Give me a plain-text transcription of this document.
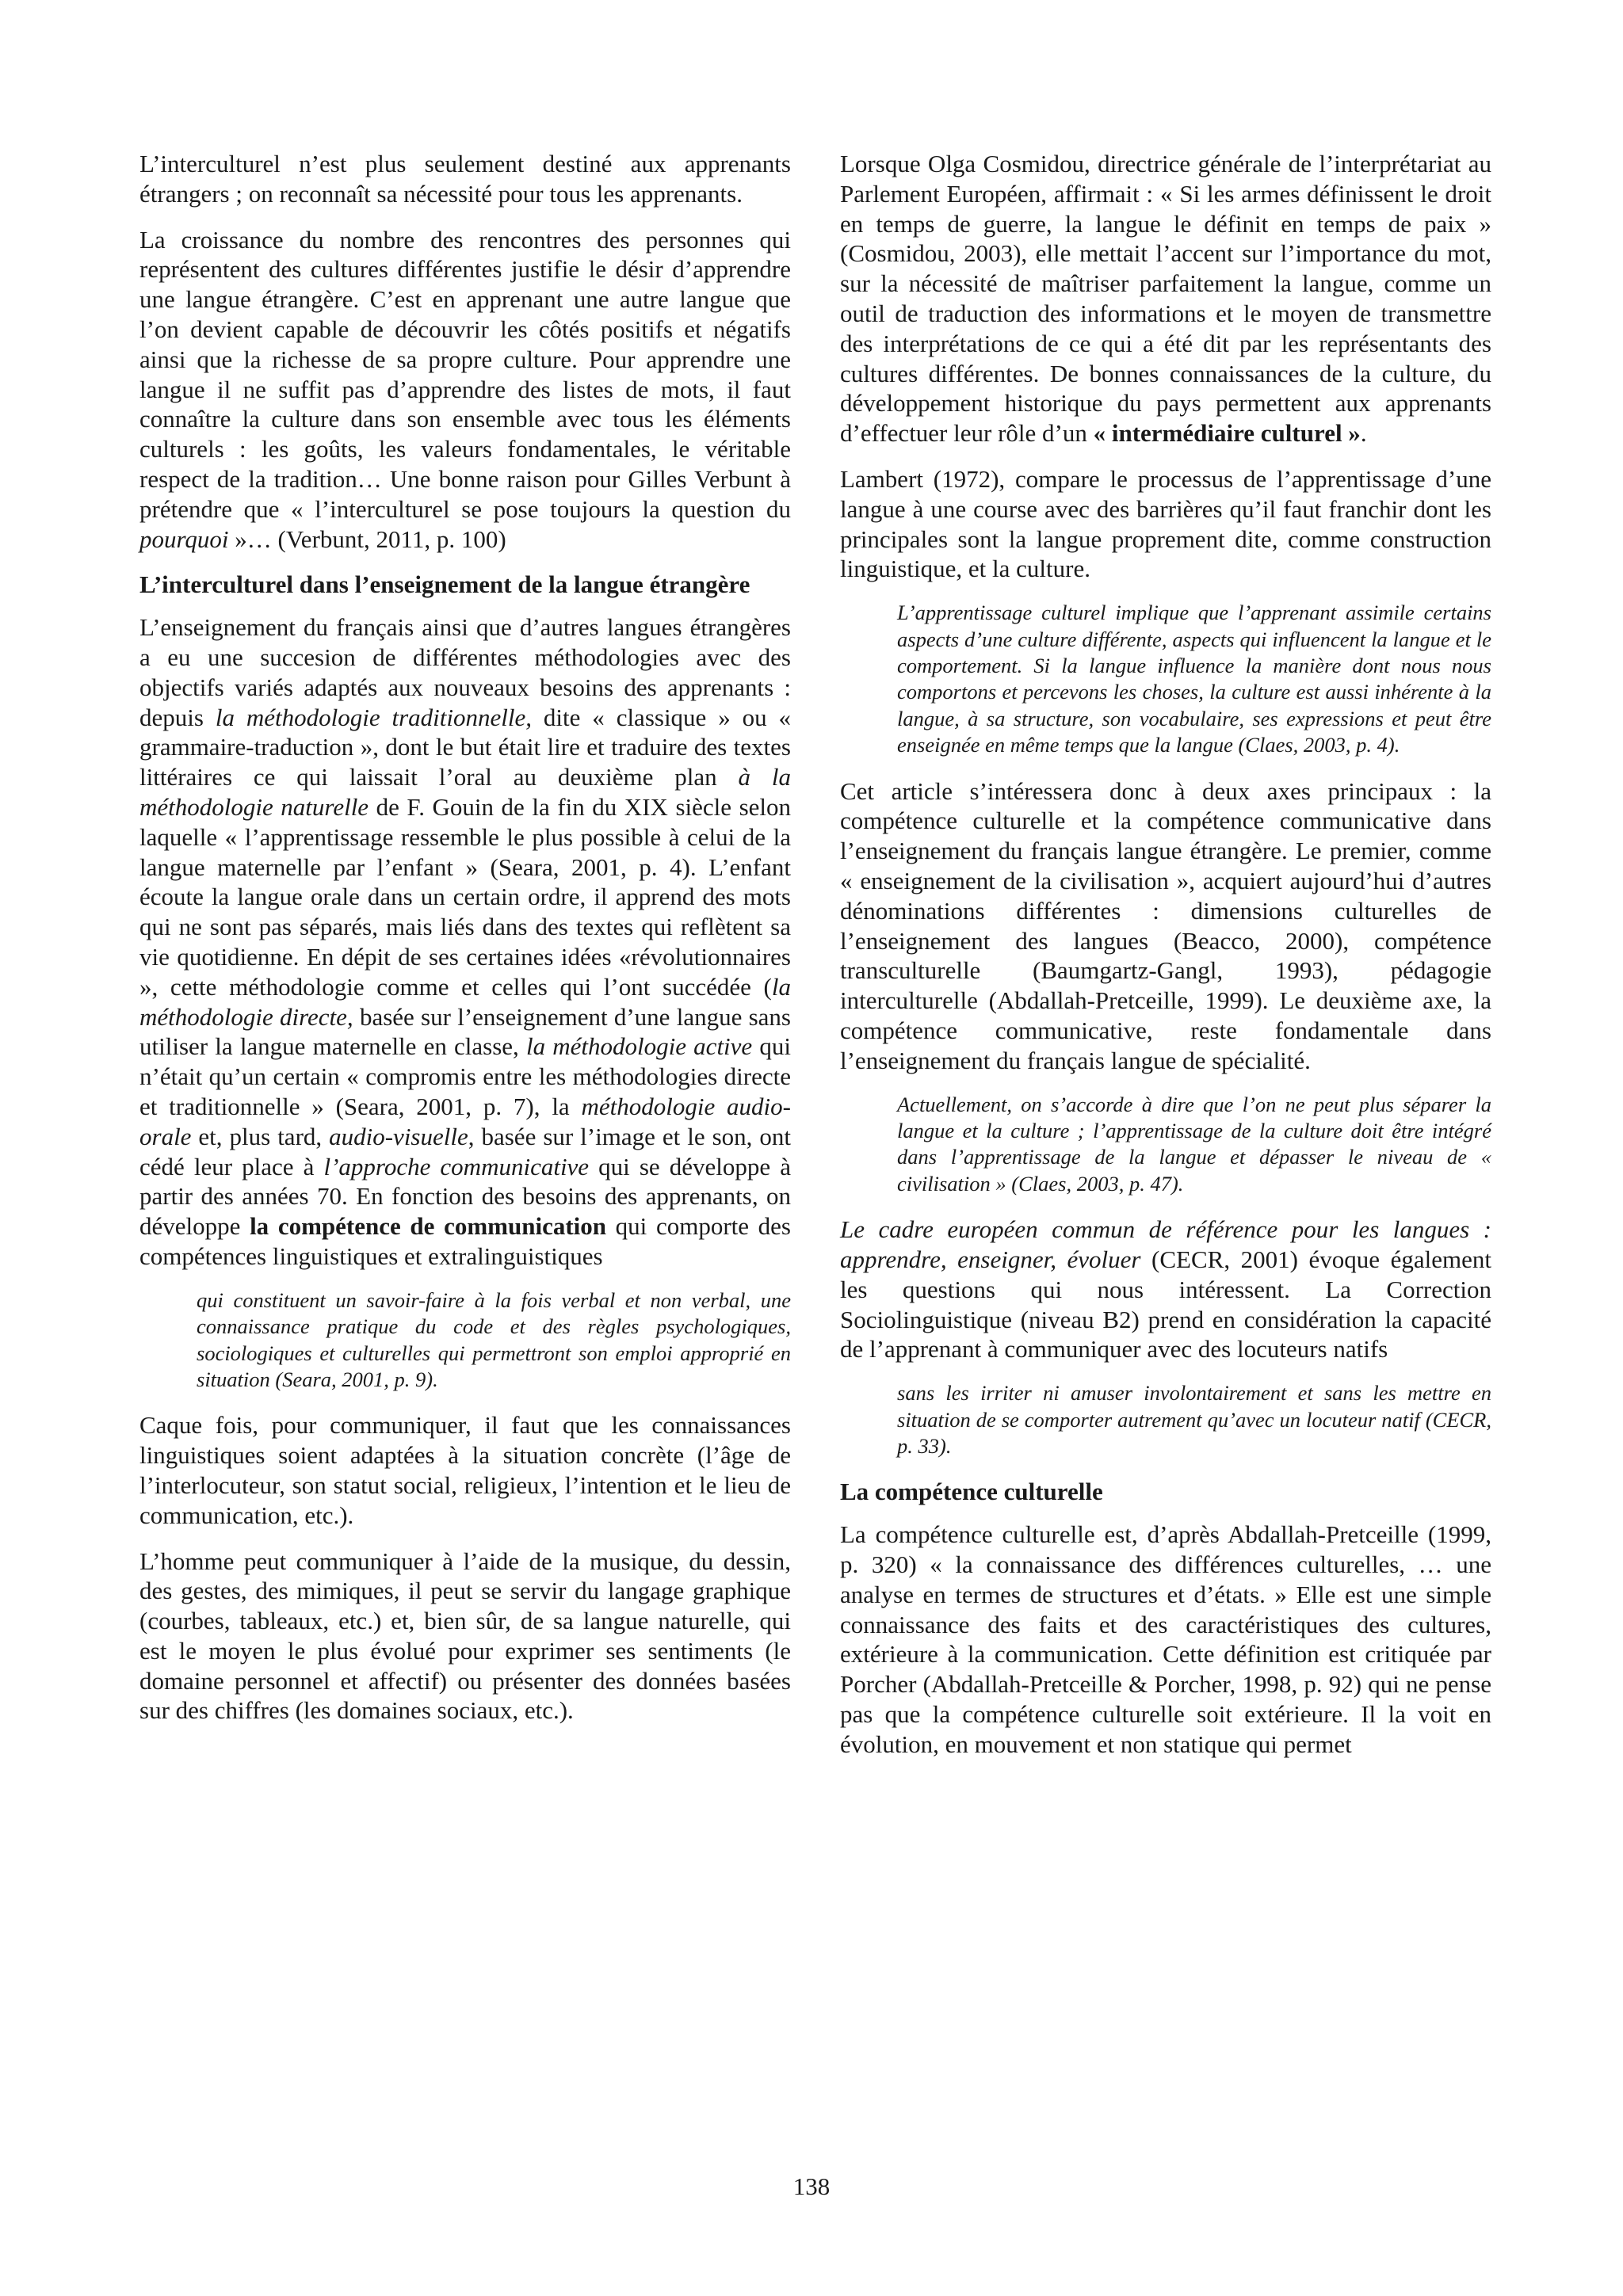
L’interculturel n’est plus seulement destiné aux apprenants étrangers ; on reconnaît sa nécessité pour tous les apprenants.

La croissance du nombre des rencontres des personnes qui représentent des cultures différentes justifie le désir d’apprendre une langue étrangère. C’est en apprenant une autre langue que l’on devient capable de découvrir les côtés positifs et négatifs ainsi que la richesse de sa propre culture. Pour apprendre une langue il ne suffit pas d’apprendre des listes de mots, il faut connaître la culture dans son ensemble avec tous les éléments culturels : les goûts, les valeurs fondamentales, le véritable respect de la tradition… Une bonne raison pour Gilles Verbunt à prétendre que « l’interculturel se pose toujours la question du pourquoi »… (Verbunt, 2011, p. 100)

L’interculturel dans l’enseignement de la langue étrangère

L’enseignement du français ainsi que d’autres langues étrangères a eu une succesion de différentes méthodologies avec des objectifs variés adaptés aux nouveaux besoins des apprenants : depuis la méthodologie traditionnelle, dite « classique » ou « grammaire-traduction », dont le but était lire et traduire des textes littéraires ce qui laissait l’oral au deuxième plan à la méthodologie naturelle de F. Gouin de la fin du XIX siècle selon laquelle « l’apprentissage ressemble le plus possible à celui de la langue maternelle par l’enfant » (Seara, 2001, p. 4). L’enfant écoute la langue orale dans un certain ordre, il apprend des mots qui ne sont pas séparés, mais liés dans des textes qui reflètent sa vie quotidienne. En dépit de ses certaines idées «révolutionnaires », cette méthodologie comme et celles qui l’ont succédée (la méthodologie directe, basée sur l’enseignement d’une langue sans utiliser la langue maternelle en classe, la méthodologie active qui n’était qu’un certain « compromis entre les méthodologies directe et traditionnelle » (Seara, 2001, p. 7), la méthodologie audio-orale et, plus tard, audio-visuelle, basée sur l’image et le son, ont cédé leur place à l’approche communicative qui se développe à partir des années 70. En fonction des besoins des apprenants, on développe la compétence de communication qui comporte des compétences linguistiques et extralinguistiques

qui constituent un savoir-faire à la fois verbal et non verbal, une connaissance pratique du code et des règles psychologiques, sociologiques et culturelles qui permettront son emploi approprié en situation (Seara, 2001, p. 9).

Caque fois, pour communiquer, il faut que les connaissances linguistiques soient adaptées à la situation concrète (l’âge de l’interlocuteur, son statut social, religieux, l’intention et le lieu de communication, etc.).

L’homme peut communiquer à l’aide de la musique, du dessin, des gestes, des mimiques, il peut se servir du langage graphique (courbes, tableaux, etc.) et, bien sûr, de sa langue naturelle, qui est le moyen le plus évolué pour exprimer ses sentiments (le domaine personnel et affectif) ou présenter des données basées sur des chiffres (les domaines sociaux, etc.).

Lorsque Olga Cosmidou, directrice générale de l’interprétariat au Parlement Européen, affirmait : « Si les armes définissent le droit en temps de guerre, la langue le définit en temps de paix » (Cosmidou, 2003), elle mettait l’accent sur l’importance du mot, sur la nécessité de maîtriser parfaitement la langue, comme un outil de traduction des informations et le moyen de transmettre des interprétations de ce qui a été dit par les représentants des cultures différentes. De bonnes connaissances de la culture, du développement historique du pays permettent aux apprenants d’effectuer leur rôle d’un « intermédiaire culturel ».

Lambert (1972), compare le processus de l’apprentissage d’une langue à une course avec des barrières qu’il faut franchir dont les principales sont la langue proprement dite, comme construction linguistique, et la culture.

L’apprentissage culturel implique que l’apprenant assimile certains aspects d’une culture différente, aspects qui influencent la langue et le comportement. Si la langue influence la manière dont nous nous comportons et percevons les choses, la culture est aussi inhérente à la langue, à sa structure, son vocabulaire, ses expressions et peut être enseignée en même temps que la langue (Claes, 2003, p. 4).

Cet article s’intéressera donc à deux axes principaux : la compétence culturelle et la compétence communicative dans l’enseignement du français langue étrangère. Le premier, comme « enseignement de la civilisation », acquiert aujourd’hui d’autres dénominations différentes : dimensions culturelles de l’enseignement des langues (Beacco, 2000), compétence transculturelle (Baumgartz-Gangl, 1993), pédagogie interculturelle (Abdallah-Pretceille, 1999). Le deuxième axe, la compétence communicative, reste fondamentale dans l’enseignement du français langue de spécialité.

Actuellement, on s’accorde à dire que l’on ne peut plus séparer la langue et la culture ; l’apprentissage de la culture doit être intégré dans l’apprentissage de la langue et dépasser le niveau de « civilisation » (Claes, 2003, p. 47).

Le cadre européen commun de référence pour les langues : apprendre, enseigner, évoluer (CECR, 2001) évoque également les questions qui nous intéressent. La Correction Sociolinguistique (niveau B2) prend en considération la capacité de l’apprenant à communiquer avec des locuteurs natifs

sans les irriter ni amuser involontairement et sans les mettre en situation de se comporter autrement qu’avec un locuteur natif (CECR, p. 33).

La compétence culturelle

La compétence culturelle est, d’après Abdallah-Pretceille (1999, p. 320) « la connaissance des différences culturelles, … une analyse en termes de structures et d’états. » Elle est une simple connaissance des faits et des caractéristiques des cultures, extérieure à la communication. Cette définition est critiquée par Porcher (Abdallah-Pretceille & Porcher, 1998, p. 92) qui ne pense pas que la compétence culturelle soit extérieure. Il la voit en évolution, en mouvement et non statique qui permet

138
